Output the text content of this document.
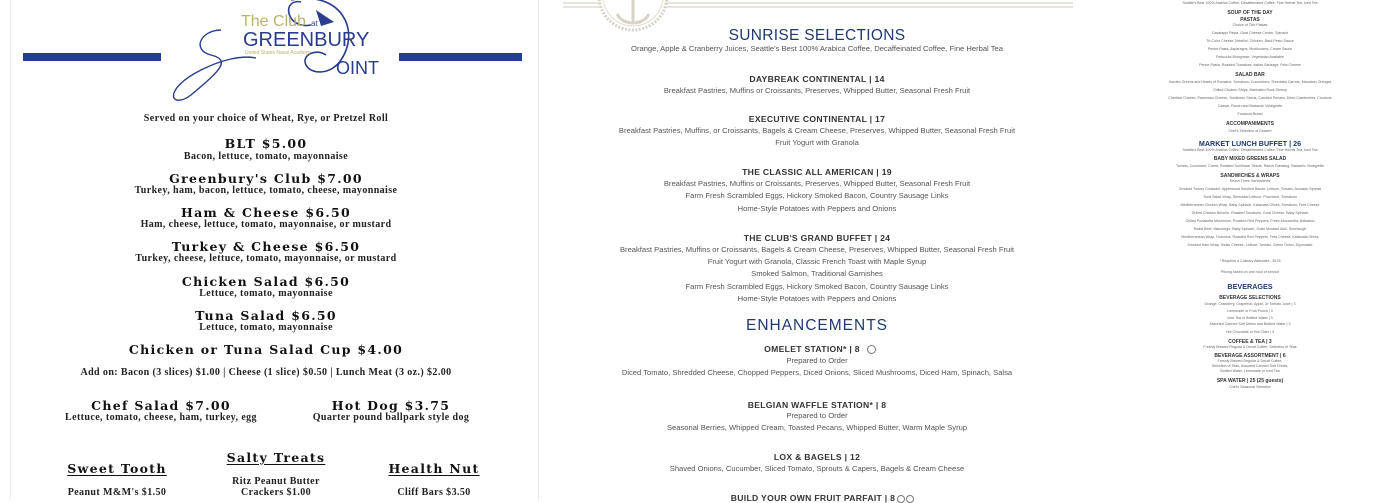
The Club at
GREENBURY
United States Naval Academy
OINT
Served on your choice of Wheat, Rye, or Pretzel Roll
BLT $5.00
Bacon, lettuce, tomato, mayonnaise
Greenbury's Club $7.00
Turkey, ham, bacon, lettuce, tomato, cheese, mayonnaise
Ham & Cheese $6.50
Ham, cheese, lettuce, tomato, mayonnaise, or mustard
Turkey & Cheese $6.50
Turkey, cheese, lettuce, tomato, mayonnaise, or mustard
Chicken Salad $6.50
Lettuce, tomato, mayonnaise
Tuna Salad $6.50
Lettuce, tomato, mayonnaise
Chicken or Tuna Salad Cup $4.00
Add on: Bacon (3 slices) $1.00 | Cheese (1 slice) $0.50 | Lunch Meat (3 oz.) $2.00
Chef Salad $7.00
Lettuce, tomato, cheese, ham, turkey, egg
Hot Dog $3.75
Quarter pound ballpark style dog
Sweet Tooth
Peanut M&M's $1.50
Salty Treats
Ritz Peanut Butter
Crackers $1.00
Health Nut
Cliff Bars $3.50
SUNRISE SELECTIONS
Orange, Apple & Cranberry Juices, Seattle's Best 100% Arabica Coffee, Decaffeinated Coffee, Fine Herbal Tea
DAYBREAK CONTINENTAL | 14
Breakfast Pastries, Muffins or Croissants, Preserves, Whipped Butter, Seasonal Fresh Fruit
EXECUTIVE CONTINENTAL | 17
Breakfast Pastries, Muffins, or Croissants, Bagels & Cream Cheese, Preserves, Whipped Butter, Seasonal Fresh Fruit
Fruit Yogurt with Granola
THE CLASSIC ALL AMERICAN | 19
Breakfast Pastries, Muffins or Croissants, Preserves, Whipped Butter, Seasonal Fresh Fruit
Farm Fresh Scrambled Eggs, Hickory Smoked Bacon, Country Sausage Links
Home-Style Potatoes with Peppers and Onions
THE CLUB'S GRAND BUFFET | 24
Breakfast Pastries, Muffins or Croissants, Bagels & Cream Cheese, Preserves, Whipped Butter, Seasonal Fresh Fruit
Fruit Yogurt with Granola, Classic French Toast with Maple Syrup
Smoked Salmon, Traditional Garnishes
Farm Fresh Scrambled Eggs, Hickory Smoked Bacon, Country Sausage Links
Home-Style Potatoes with Peppers and Onions
ENHANCEMENTS
OMELET STATION* | 8
Prepared to Order
Diced Tomato, Shredded Cheese, Chopped Peppers, Diced Onions, Sliced Mushrooms, Diced Ham, Spinach, Salsa
BELGIAN WAFFLE STATION* | 8
Prepared to Order
Seasonal Berries, Whipped Cream, Toasted Pecans, Whipped Butter, Warm Maple Syrup
LOX & BAGELS | 12
Shaved Onions, Cucumber, Sliced Tomato, Sprouts & Capers, Bagels & Cream Cheese
BUILD YOUR OWN FRUIT PARFAIT | 8
Seattle's Best 100% Arabica Coffee, Decaffeinated Coffee, Fine Herbal Tea, Iced Tea
SOUP OF THE DAY
PASTAS
Choice of Two Pastas
Cavatappi Pasta, Goat Cheese Cream, Spinach
Tri-Color Cheese Tortellini, Chicken, Basil Pesto Sauce
Penne Pasta, Asparagus, Mushrooms, Cream Sauce
Fettuccini Bolognese, Vegetarian Available
Penne Pasta, Roasted Tomatoes, Italian Sausage, Feta Cheese
SALAD BAR
Garden Greens and Hearts of Romaine, Tomatoes, Cucumbers, Shredded Carrots, Mandarin Oranges
Grilled Chicken Strips, Marinated Rock Shrimp
Cheddar Cheese, Parmesan Cheese, Sunflower Seeds, Candied Pecans, Dried Cranberries, Croutons
Caesar, Ranch and Balsamic Vinaigrette
Focaccia Bread
ACCOMPANIMENTS
Chef's Selection of Dessert
MARKET LUNCH BUFFET | 26
Seattle's Best 100% Arabica Coffee, Decaffeinated Coffee, Fine Herbal Tea, Iced Tea
BABY MIXED GREENS SALAD
Tomato, Cucumber, Carrot, Roasted Sunflower Seeds, Ranch Dressing, Balsamic Vinaigrette
SANDWICHES & WRAPS
Select Three Sandwiches
Smoked Turkey Croissant, Applewood Smoked Bacon, Lettuce, Tomato, Avocado Spread
Tuna Salad Wrap, Shredded Lettuce, Provolone, Tomatoes
Mediterranean Chicken Wrap, Baby Spinach, Kalamata Olives, Tomatoes, Feta Cheese
Grilled Chicken Brioche, Roasted Tomatoes, Goat Cheese, Baby Spinach
Grilled Portabella Mushroom, Roasted Red Peppers, Fresh Mozzarella, Balsamic
Roast Beef, Manchego, Baby Spinach, Grain Mustard Aioli, Sourdough
Mediterranean Wrap, Hummus, Roasted Red Peppers, Feta Cheese, Kalamata Olives
Smoked Ham Wrap, Swiss Cheese, Lettuce, Tomato, Green Onion, Dijonnaise
* Requires a Culinary Attendant - $125
Pricing based on one hour of service
BEVERAGES
BEVERAGE SELECTIONS
Orange, Cranberry, Grapefruit, Apple, or Tomato Juice | 3
Lemonade or Fruit Punch | 3
Iced Tea or Bottled Water | 3
Assorted Canned Soft Drinks and Bottled Water | 3
Hot Chocolate or Hot Cider | 3
COFFEE & TEA | 3
Freshly Brewed Regular & Decaf Coffee, Selection of Teas
BEVERAGE ASSORTMENT | 6
Freshly Brewed Regular & Decaf Coffee,
Selection of Teas, Assorted Canned Soft Drinks,
Bottled Water, Lemonade or Iced Tea
SPA WATER | 25 (25 guests)
Chef's Seasonal Selection
